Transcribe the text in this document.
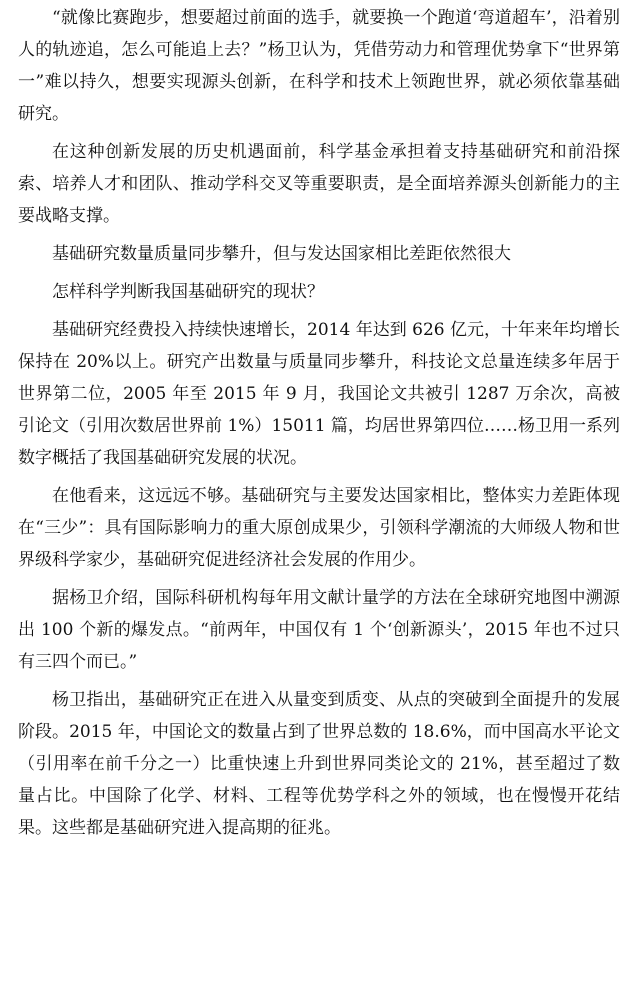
“就像比赛跑步，想要超过前面的选手，就要换一个跑道‘弯道超车’，沿着别人的轨迹追，怎么可能追上去？”杨卫认为，凭借劳动力和管理优势拿下“世界第一”难以持久，想要实现源头创新，在科学和技术上领跑世界，就必须依靠基础研究。

在这种创新发展的历史机遇面前，科学基金承担着支持基础研究和前沿探索、培养人才和团队、推动学科交叉等重要职责，是全面培养源头创新能力的主要战略支撑。

基础研究数量质量同步攀升，但与发达国家相比差距依然很大

怎样科学判断我国基础研究的现状？

基础研究经费投入持续快速增长，2014 年达到 626 亿元，十年来年均增长保持在 20%以上。研究产出数量与质量同步攀升，科技论文总量连续多年居于世界第二位，2005 年至 2015 年 9 月，我国论文共被引 1287 万余次，高被引论文（引用次数居世界前 1%）15011 篇，均居世界第四位……杨卫用一系列数字概括了我国基础研究发展的状况。

在他看来，这远远不够。基础研究与主要发达国家相比，整体实力差距体现在“三少”：具有国际影响力的重大原创成果少，引领科学潮流的大师级人物和世界级科学家少，基础研究促进经济社会发展的作用少。

据杨卫介绍，国际科研机构每年用文献计量学的方法在全球研究地图中溯源出 100 个新的爆发点。“前两年，中国仅有 1 个‘创新源头’，2015 年也不过只有三四个而已。”

杨卫指出，基础研究正在进入从量变到质变、从点的突破到全面提升的发展阶段。2015 年，中国论文的数量占到了世界总数的 18.6%，而中国高水平论文（引用率在前千分之一）比重快速上升到世界同类论文的 21%，甚至超过了数量占比。中国除了化学、材料、工程等优势学科之外的领域，也在慢慢开花结果。这些都是基础研究进入提高期的征兆。
